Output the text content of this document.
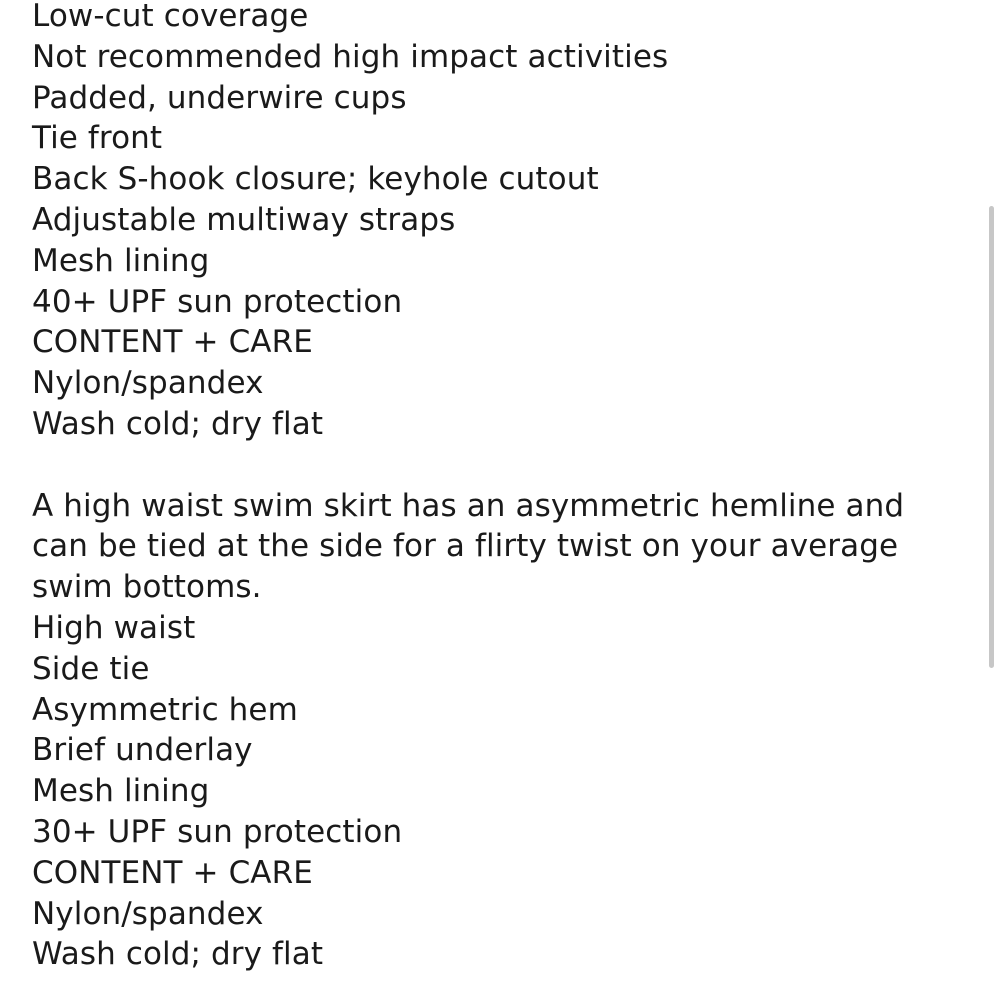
Low-cut coverage

Not recommended high impact activities

Padded, underwire cups

Tie front

Back S-hook closure; keyhole cutout

Adjustable multiway straps

Mesh lining

40+ UPF sun protection

CONTENT + CARE

Nylon/spandex

Wash cold; dry flat

A high waist swim skirt has an asymmetric hemline and can be tied at the side for a flirty twist on your average swim bottoms.

High waist

Side tie

Asymmetric hem

Brief underlay

Mesh lining

30+ UPF sun protection

CONTENT + CARE

Nylon/spandex

Wash cold; dry flat
